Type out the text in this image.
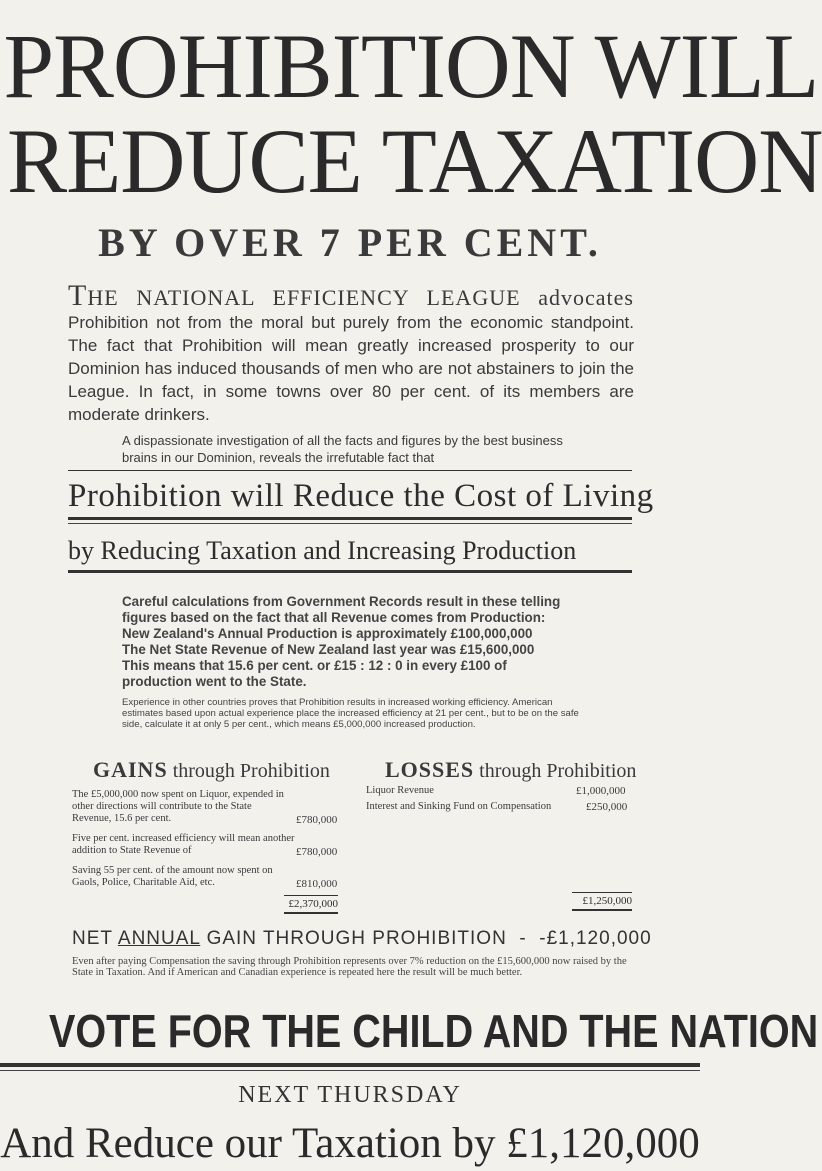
PROHIBITION WILL
REDUCE TAXATION
BY OVER 7 PER CENT.
THE NATIONAL EFFICIENCY LEAGUE advocates Prohibition not from the moral but purely from the economic standpoint. The fact that Prohibition will mean greatly increased prosperity to our Dominion has induced thousands of men who are not abstainers to join the League. In fact, in some towns over 80 per cent. of its members are moderate drinkers.
A dispassionate investigation of all the facts and figures by the best business brains in our Dominion, reveals the irrefutable fact that
Prohibition will Reduce the Cost of Living
by Reducing Taxation and Increasing Production
Careful calculations from Government Records result in these telling
figures based on the fact that all Revenue comes from Production:
New Zealand's Annual Production is approximately £100,000,000
The Net State Revenue of New Zealand last year was £15,600,000
This means that 15.6 per cent. or £15 : 12 : 0 in every £100 of
production went to the State.
Experience in other countries proves that Prohibition results in increased working efficiency. American estimates based upon actual experience place the increased efficiency at 21 per cent., but to be on the safe side, calculate it at only 5 per cent., which means £5,000,000 increased production.
GAINS through Prohibition
The £5,000,000 now spent on Liquor, expended in other directions will contribute to the State Revenue, 15.6 per cent.	£780,000
Five per cent. increased efficiency will mean another addition to State Revenue of	£780,000
Saving 55 per cent. of the amount now spent on Gaols, Police, Charitable Aid, etc.	£810,000
£2,370,000
LOSSES through Prohibition
Liquor Revenue	£1,000,000
Interest and Sinking Fund on Compensation	£250,000
£1,250,000
NET ANNUAL GAIN THROUGH PROHIBITION  -  -£1,120,000
Even after paying Compensation the saving through Prohibition represents over 7% reduction on the £15,600,000 now raised by the State in Taxation. And if American and Canadian experience is repeated here the result will be much better.
VOTE FOR THE CHILD AND THE NATION
NEXT THURSDAY
And Reduce our Taxation by £1,120,000
